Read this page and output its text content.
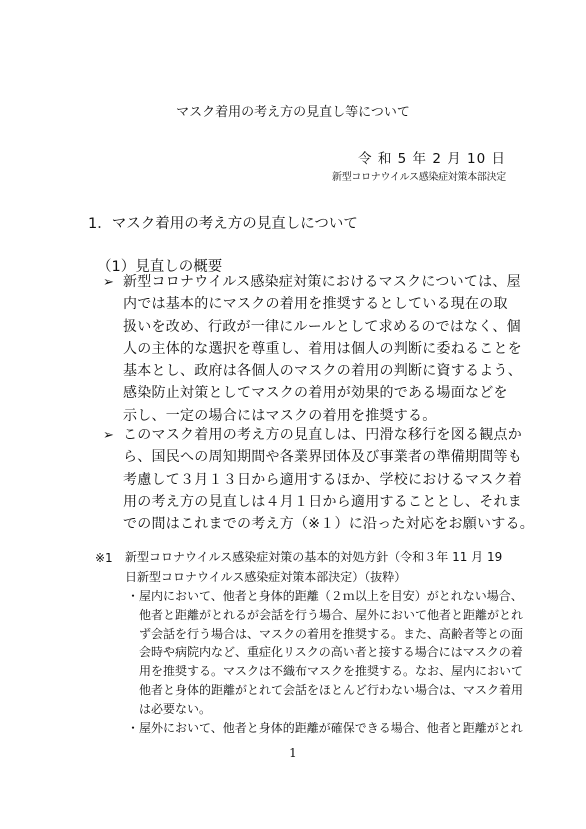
マスク着用の考え方の見直し等について
令 和 5 年 2 月 10 日
新型コロナウイルス感染症対策本部決定
1．マスク着用の考え方の見直しについて
（1）見直しの概要
➢ 新型コロナウイルス感染症対策におけるマスクについては、屋
内では基本的にマスクの着用を推奨するとしている現在の取
扱いを改め、行政が一律にルールとして求めるのではなく、個
人の主体的な選択を尊重し、着用は個人の判断に委ねることを
基本とし、政府は各個人のマスクの着用の判断に資するよう、
感染防止対策としてマスクの着用が効果的である場面などを
示し、一定の場合にはマスクの着用を推奨する。
➢ このマスク着用の考え方の見直しは、円滑な移行を図る観点か
ら、国民への周知期間や各業界団体及び事業者の準備期間等も
考慮して３月１３日から適用するほか、学校におけるマスク着
用の考え方の見直しは４月１日から適用することとし、それま
での間はこれまでの考え方（※１）に沿った対応をお願いする。
※1 新型コロナウイルス感染症対策の基本的対処方針（令和３年 11 月 19
日新型コロナウイルス感染症対策本部決定）（抜粋）
・屋内において、他者と身体的距離（２ｍ以上を目安）がとれない場合、
　他者と距離がとれるが会話を行う場合、屋外において他者と距離がとれ
　ず会話を行う場合は、マスクの着用を推奨する。また、高齢者等との面
　会時や病院内など、重症化リスクの高い者と接する場合にはマスクの着
　用を推奨する。マスクは不織布マスクを推奨する。なお、屋内において
　他者と身体的距離がとれて会話をほとんど行わない場合は、マスク着用
　は必要ない。
・屋外において、他者と身体的距離が確保できる場合、他者と距離がとれ
1
